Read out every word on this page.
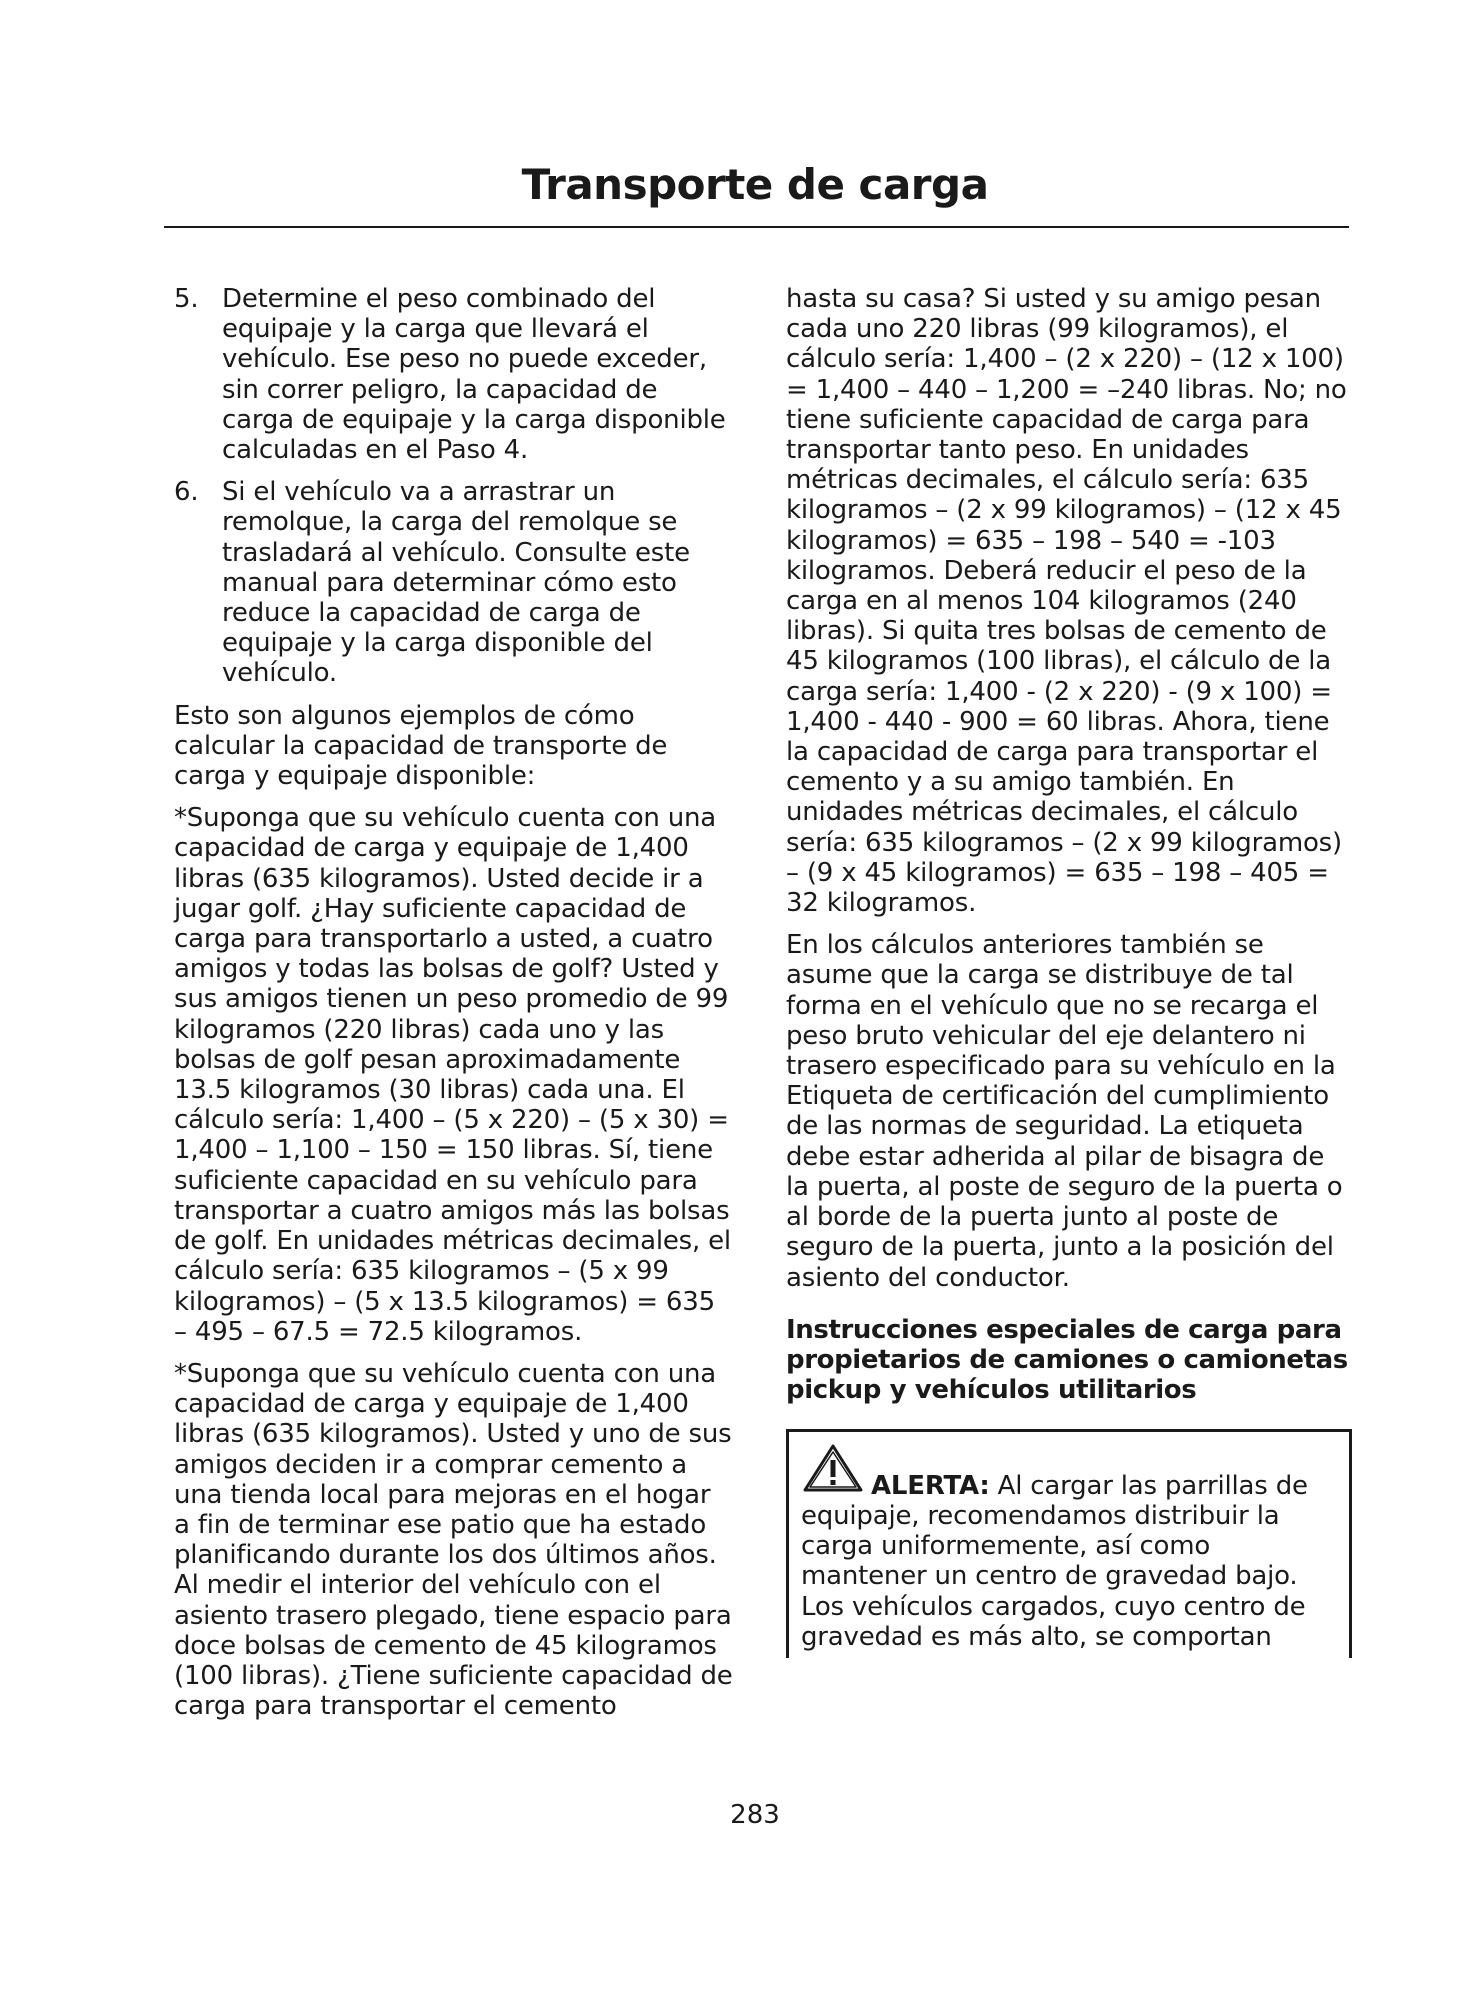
Transporte de carga
5. Determine el peso combinado del equipaje y la carga que llevará el vehículo. Ese peso no puede exceder, sin correr peligro, la capacidad de carga de equipaje y la carga disponible calculadas en el Paso 4.
6. Si el vehículo va a arrastrar un remolque, la carga del remolque se trasladará al vehículo. Consulte este manual para determinar cómo esto reduce la capacidad de carga de equipaje y la carga disponible del vehículo.

Esto son algunos ejemplos de cómo calcular la capacidad de transporte de carga y equipaje disponible:

*Suponga que su vehículo cuenta con una capacidad de carga y equipaje de 1,400 libras (635 kilogramos). Usted decide ir a jugar golf. ¿Hay suficiente capacidad de carga para transportarlo a usted, a cuatro amigos y todas las bolsas de golf? Usted y sus amigos tienen un peso promedio de 99 kilogramos (220 libras) cada uno y las bolsas de golf pesan aproximadamente 13.5 kilogramos (30 libras) cada una. El cálculo sería: 1,400 – (5 x 220) – (5 x 30) = 1,400 – 1,100 – 150 = 150 libras. Sí, tiene suficiente capacidad en su vehículo para transportar a cuatro amigos más las bolsas de golf. En unidades métricas decimales, el cálculo sería: 635 kilogramos – (5 x 99 kilogramos) – (5 x 13.5 kilogramos) = 635 – 495 – 67.5 = 72.5 kilogramos.

*Suponga que su vehículo cuenta con una capacidad de carga y equipaje de 1,400 libras (635 kilogramos). Usted y uno de sus amigos deciden ir a comprar cemento a una tienda local para mejoras en el hogar a fin de terminar ese patio que ha estado planificando durante los dos últimos años. Al medir el interior del vehículo con el asiento trasero plegado, tiene espacio para doce bolsas de cemento de 45 kilogramos (100 libras). ¿Tiene suficiente capacidad de carga para transportar el cemento

hasta su casa? Si usted y su amigo pesan cada uno 220 libras (99 kilogramos), el cálculo sería: 1,400 – (2 x 220) – (12 x 100) = 1,400 – 440 – 1,200 = –240 libras. No; no tiene suficiente capacidad de carga para transportar tanto peso. En unidades métricas decimales, el cálculo sería: 635 kilogramos – (2 x 99 kilogramos) – (12 x 45 kilogramos) = 635 – 198 – 540 = -103 kilogramos. Deberá reducir el peso de la carga en al menos 104 kilogramos (240 libras). Si quita tres bolsas de cemento de 45 kilogramos (100 libras), el cálculo de la carga sería: 1,400 - (2 x 220) - (9 x 100) = 1,400 - 440 - 900 = 60 libras. Ahora, tiene la capacidad de carga para transportar el cemento y a su amigo también. En unidades métricas decimales, el cálculo sería: 635 kilogramos – (2 x 99 kilogramos) – (9 x 45 kilogramos) = 635 – 198 – 405 = 32 kilogramos.

En los cálculos anteriores también se asume que la carga se distribuye de tal forma en el vehículo que no se recarga el peso bruto vehicular del eje delantero ni trasero especificado para su vehículo en la Etiqueta de certificación del cumplimiento de las normas de seguridad. La etiqueta debe estar adherida al pilar de bisagra de la puerta, al poste de seguro de la puerta o al borde de la puerta junto al poste de seguro de la puerta, junto a la posición del asiento del conductor.

Instrucciones especiales de carga para propietarios de camiones o camionetas pickup y vehículos utilitarios
ALERTA: Al cargar las parrillas de equipaje, recomendamos distribuir la carga uniformemente, así como mantener un centro de gravedad bajo. Los vehículos cargados, cuyo centro de gravedad es más alto, se comportan
283
